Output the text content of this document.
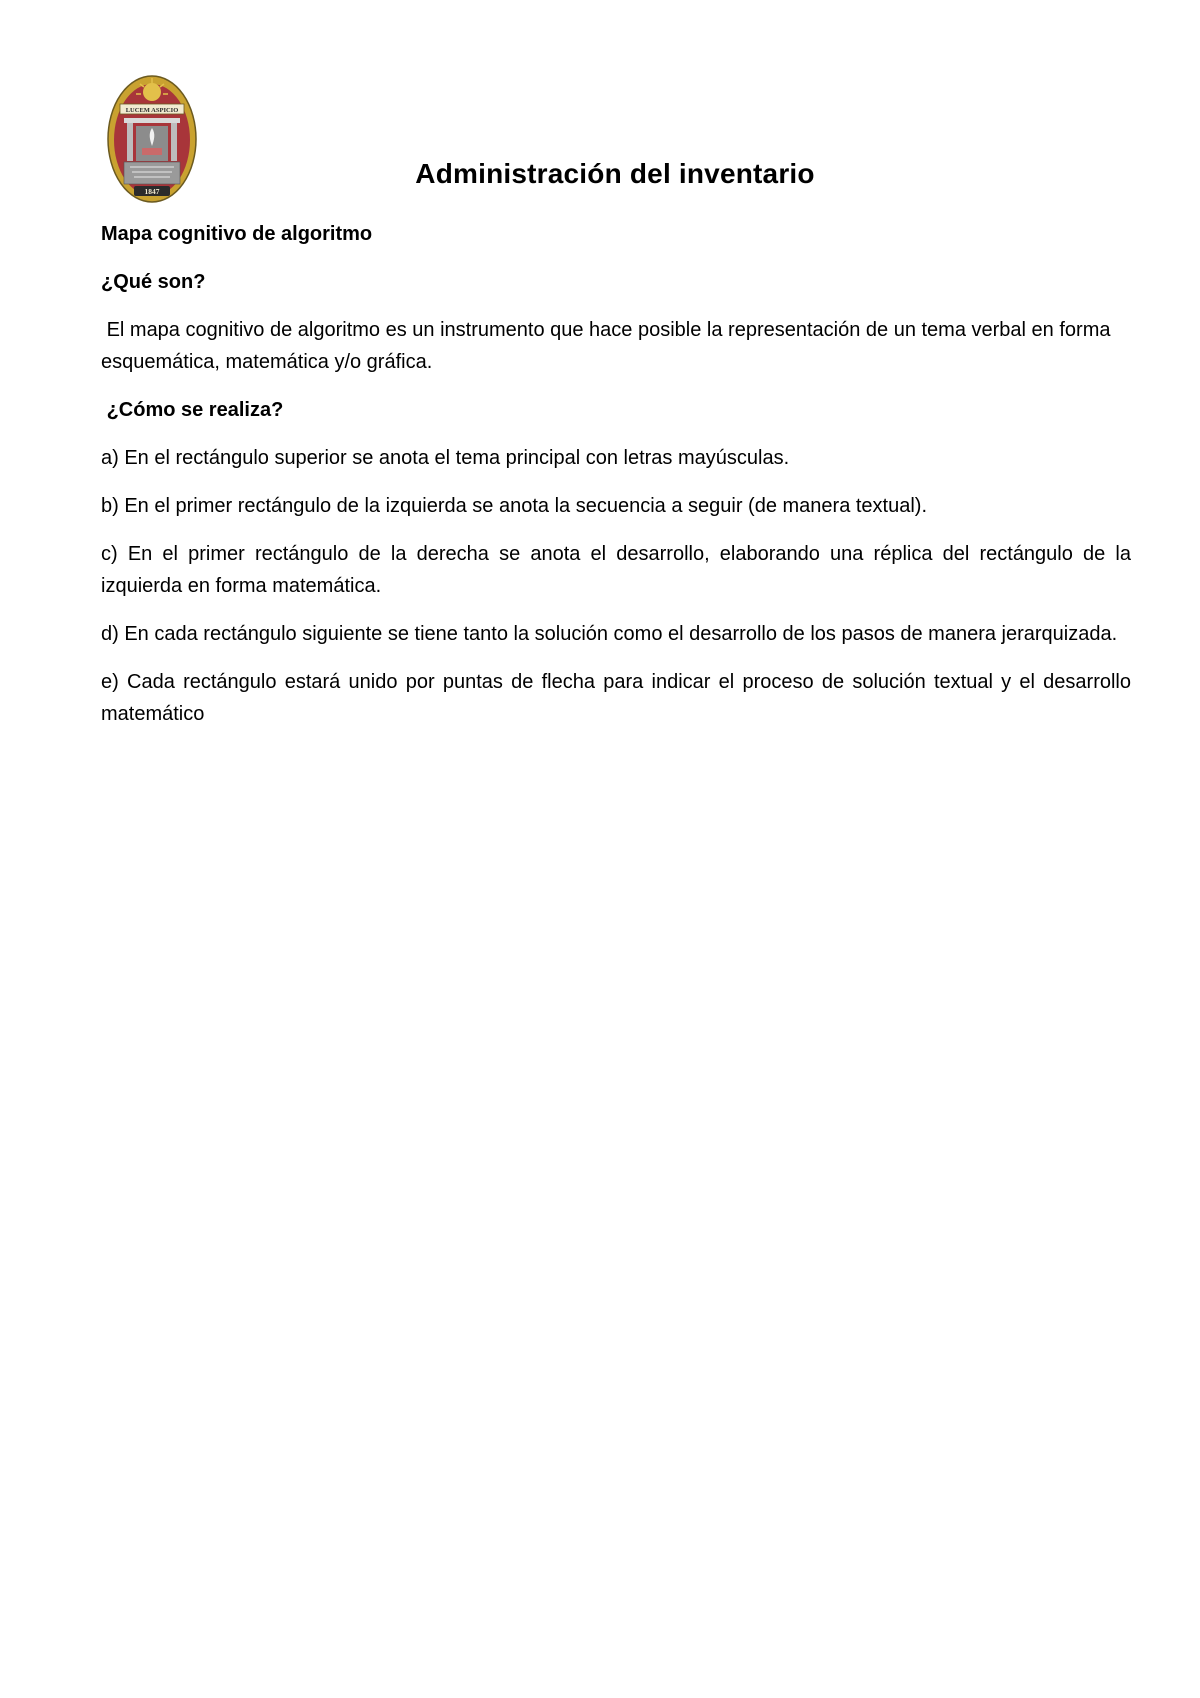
LUCEM ASPICIO
1847
Administración del inventario

Mapa cognitivo de algoritmo

¿Qué son?

El mapa cognitivo de algoritmo es un instrumento que hace posible la representación de un tema verbal en forma esquemática, matemática y/o gráfica.

¿Cómo se realiza?

a) En el rectángulo superior se anota el tema principal con letras mayúsculas.

b) En el primer rectángulo de la izquierda se anota la secuencia a seguir (de manera textual).

c) En el primer rectángulo de la derecha se anota el desarrollo, elaborando una réplica del rectángulo de la izquierda en forma matemática.

d) En cada rectángulo siguiente se tiene tanto la solución como el desarrollo de los pasos de manera jerarquizada.

e) Cada rectángulo estará unido por puntas de flecha para indicar el proceso de solución textual y el desarrollo matemático
